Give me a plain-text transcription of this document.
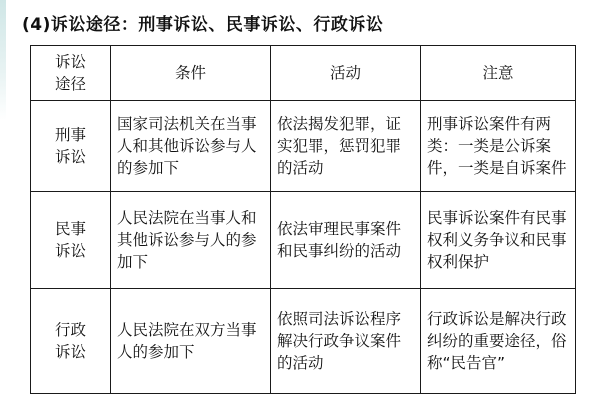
(4)诉讼途径：刑事诉讼、民事诉讼、行政诉讼
诉讼
途径	条件	活动	注意
刑事
诉讼	国家司法机关在当事人和其他诉讼参与人的参加下	依法揭发犯罪，证实犯罪，惩罚犯罪的活动	刑事诉讼案件有两类：一类是公诉案件，一类是自诉案件
民事
诉讼	人民法院在当事人和其他诉讼参与人的参加下	依法审理民事案件和民事纠纷的活动	民事诉讼案件有民事权利义务争议和民事权利保护
行政
诉讼	人民法院在双方当事人的参加下	依照司法诉讼程序解决行政争议案件的活动	行政诉讼是解决行政纠纷的重要途径，俗称“民告官”
